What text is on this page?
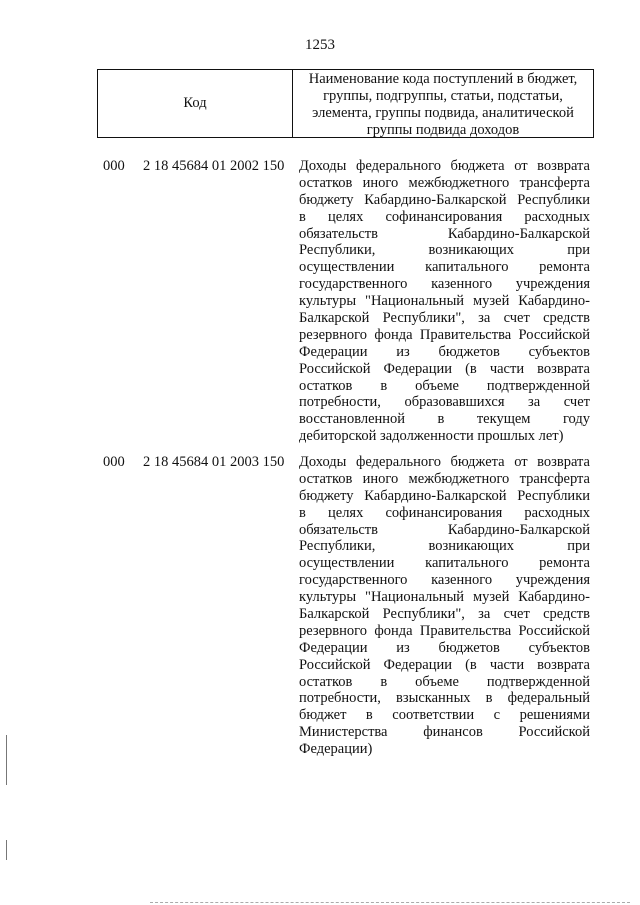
1253
Код
Наименование кода поступлений в бюджет,
группы, подгруппы, статьи, подстатьи,
элемента, группы подвида, аналитической
группы подвида доходов
000 2 18 45684 01 2002 150 Доходы федерального бюджета от возврата
остатков иного межбюджетного трансферта
бюджету Кабардино-Балкарской Республики
в целях софинансирования расходных
обязательств Кабардино-Балкарской
Республики, возникающих при
осуществлении капитального ремонта
государственного казенного учреждения
культуры "Национальный музей Кабардино-
Балкарской Республики", за счет средств
резервного фонда Правительства Российской
Федерации из бюджетов субъектов
Российской Федерации (в части возврата
остатков в объеме подтвержденной
потребности, образовавшихся за счет
восстановленной в текущем году
дебиторской задолженности прошлых лет)
000 2 18 45684 01 2003 150 Доходы федерального бюджета от возврата
остатков иного межбюджетного трансферта
бюджету Кабардино-Балкарской Республики
в целях софинансирования расходных
обязательств Кабардино-Балкарской
Республики, возникающих при
осуществлении капитального ремонта
государственного казенного учреждения
культуры "Национальный музей Кабардино-
Балкарской Республики", за счет средств
резервного фонда Правительства Российской
Федерации из бюджетов субъектов
Российской Федерации (в части возврата
остатков в объеме подтвержденной
потребности, взысканных в федеральный
бюджет в соответствии с решениями
Министерства финансов Российской
Федерации)
